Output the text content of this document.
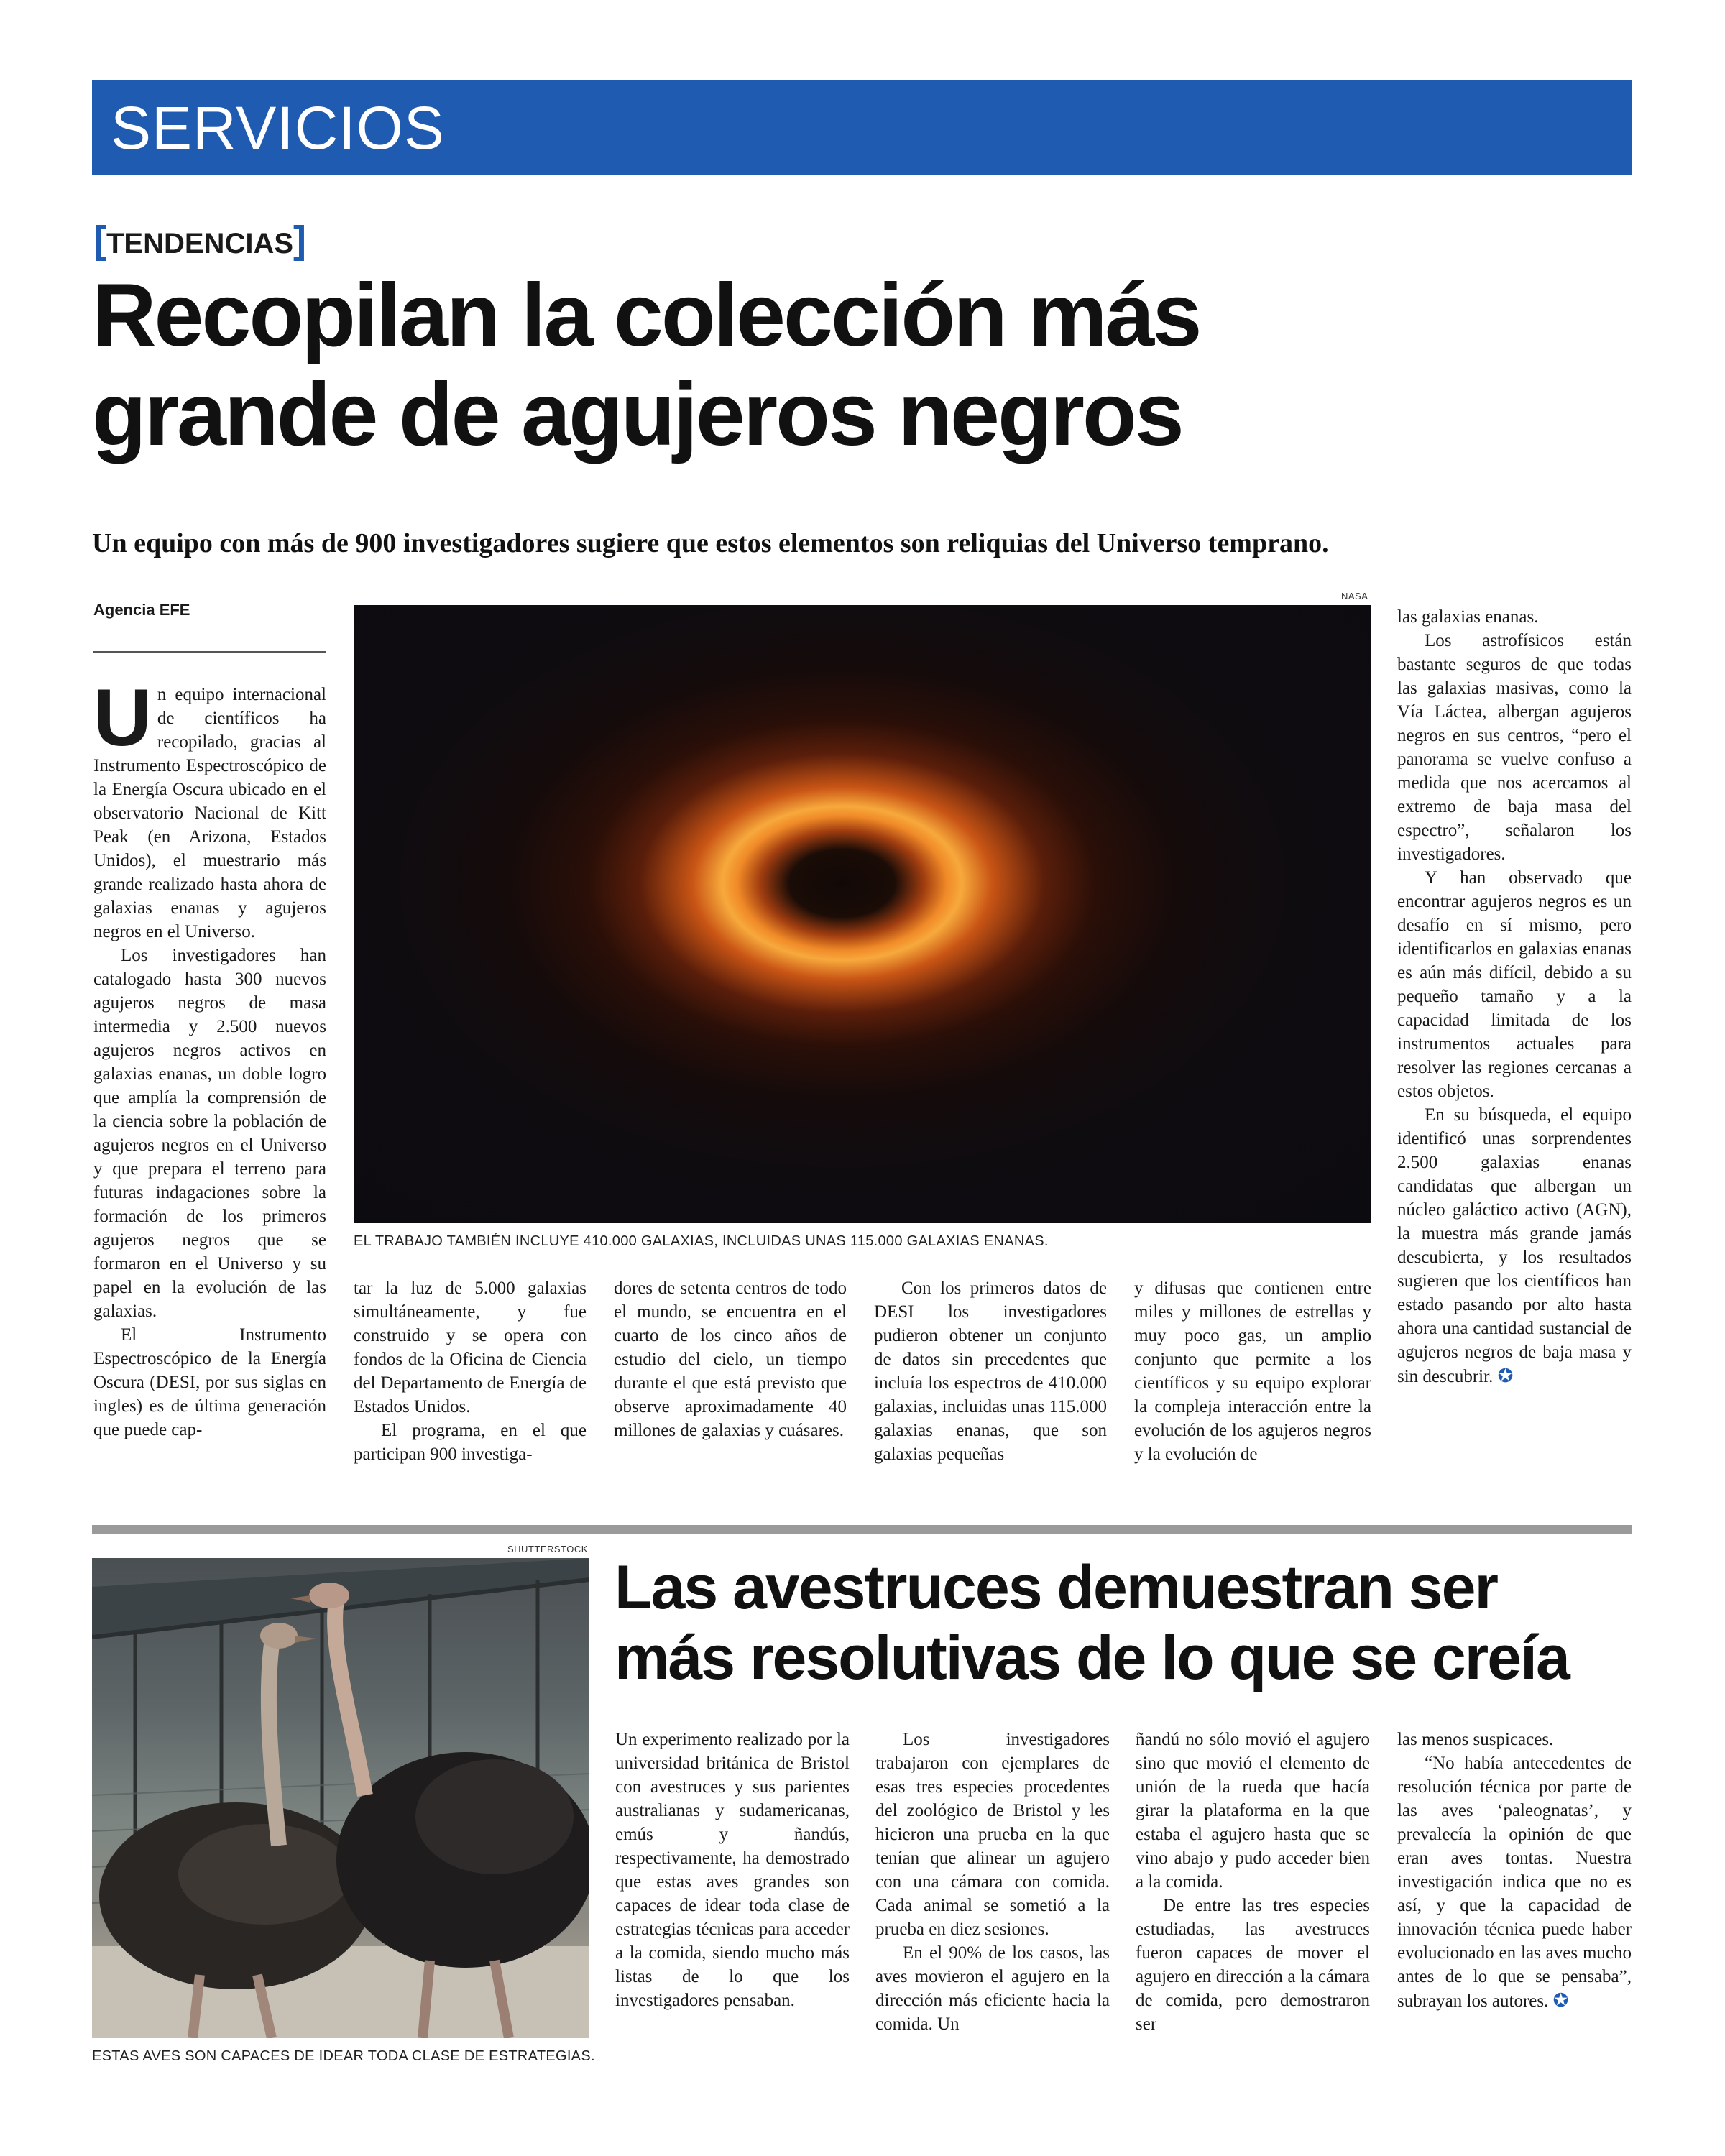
SERVICIOS
[TENDENCIAS]
Recopilan la colección más
grande de agujeros negros
Un equipo con más de 900 investigadores sugiere que estos elementos son reliquias del Universo temprano.
Agencia EFE
NASA
EL TRABAJO TAMBIÉN INCLUYE 410.000 GALAXIAS, INCLUIDAS UNAS 115.000 GALAXIAS ENANAS.

Un equipo internacional de científicos ha recopilado, gracias al Instrumento Espectroscópico de la Energía Oscura ubicado en el observatorio Nacional de Kitt Peak (en Arizona, Estados Unidos), el muestrario más grande realizado hasta ahora de galaxias enanas y agujeros negros en el Universo.

Los investigadores han catalogado hasta 300 nuevos agujeros negros de masa intermedia y 2.500 nuevos agujeros negros activos en galaxias enanas, un doble logro que amplía la comprensión de la ciencia sobre la población de agujeros negros en el Universo y que prepara el terreno para futuras indagaciones sobre la formación de los primeros agujeros negros que se formaron en el Universo y su papel en la evolución de las galaxias.

El Instrumento Espectroscópico de la Energía Oscura (DESI, por sus siglas en ingles) es de última generación que puede cap-

tar la luz de 5.000 galaxias simultáneamente, y fue construido y se opera con fondos de la Oficina de Ciencia del Departamento de Energía de Estados Unidos.

El programa, en el que participan 900 investiga-

dores de setenta centros de todo el mundo, se encuentra en el cuarto de los cinco años de estudio del cielo, un tiempo durante el que está previsto que observe aproximadamente 40 millones de galaxias y cuásares.

Con los primeros datos de DESI los investigadores pudieron obtener un conjunto de datos sin precedentes que incluía los espectros de 410.000 galaxias, incluidas unas 115.000 galaxias enanas, que son galaxias pequeñas

y difusas que contienen entre miles y millones de estrellas y muy poco gas, un amplio conjunto que permite a los científicos y su equipo explorar la compleja interacción entre la evolución de los agujeros negros y la evolución de

las galaxias enanas.

Los astrofísicos están bastante seguros de que todas las galaxias masivas, como la Vía Láctea, albergan agujeros negros en sus centros, “pero el panorama se vuelve confuso a medida que nos acercamos al extremo de baja masa del espectro”, señalaron los investigadores.

Y han observado que encontrar agujeros negros es un desafío en sí mismo, pero identificarlos en galaxias enanas es aún más difícil, debido a su pequeño tamaño y a la capacidad limitada de los instrumentos actuales para resolver las regiones cercanas a estos objetos.

En su búsqueda, el equipo identificó unas sorprendentes 2.500 galaxias enanas candidatas que albergan un núcleo galáctico activo (AGN), la muestra más grande jamás descubierta, y los resultados sugieren que los científicos han estado pasando por alto hasta ahora una cantidad sustancial de agujeros negros de baja masa y sin descubrir. ✪

SHUTTERSTOCK
ESTAS AVES SON CAPACES DE IDEAR TODA CLASE DE ESTRATEGIAS.
Las avestruces demuestran ser
más resolutivas de lo que se creía

Un experimento realizado por la universidad británica de Bristol con avestruces y sus parientes australianas y sudamericanas, emús y ñandús, respectivamente, ha demostrado que estas aves grandes son capaces de idear toda clase de estrategias técnicas para acceder a la comida, siendo mucho más listas de lo que los investigadores pensaban.

Los investigadores trabajaron con ejemplares de esas tres especies procedentes del zoológico de Bristol y les hicieron una prueba en la que tenían que alinear un agujero con una cámara con comida. Cada animal se sometió a la prueba en diez sesiones.

En el 90% de los casos, las aves movieron el agujero en la dirección más eficiente hacia la comida. Un

ñandú no sólo movió el agujero sino que movió el elemento de unión de la rueda que hacía girar la plataforma en la que estaba el agujero hasta que se vino abajo y pudo acceder bien a la comida.

De entre las tres especies estudiadas, las avestruces fueron capaces de mover el agujero en dirección a la cámara de comida, pero demostraron ser

las menos suspicaces.

“No había antecedentes de resolución técnica por parte de las aves ‘paleognatas’, y prevalecía la opinión de que eran aves tontas. Nuestra investigación indica que no es así, y que la capacidad de innovación técnica puede haber evolucionado en las aves mucho antes de lo que se pensaba”, subrayan los autores. ✪
